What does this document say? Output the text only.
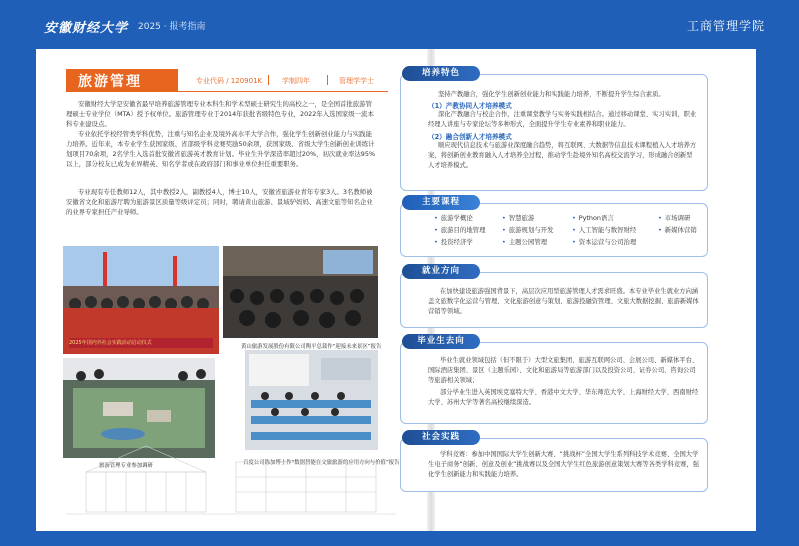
安徽财经大学 2025 · 报考指南	工商管理学院
旅游管理	专业代码 / 120901K	学制四年	管理学学士

安徽财经大学是安徽省最早培养旅游管理专业本科生和学术型硕士研究生的高校之一，是全国首批旅游管理硕士专业学位（MTA）授予权单位。旅游管理专业于2014年获批省级特色专业，2022年入选国家级一流本科专业建设点。

专业依托学校经管类学科优势，注重与知名企业及境外高水平大学合作，强化学生创新创业能力与实践能力培养。近年来，本专业学生获国家级、省部级学科竞赛奖励50余项，获国家级、省级大学生创新创业训练计划项目70余项，2名学生入选首批安徽省旅游英才教育计划。毕业生升学深造率超过20%，初次就业率达95%以上，部分校友已成为业界精英、知名学者或在政府部门和事业单位担任重要职务。

专业现有专任教师12人，其中教授2人，副教授4人，博士10人，安徽省旅游业青年专家3人。3名教师被安徽省文化和旅游厅聘为旅游景区质量等级评定员；同时，聘请黄山旅游、景域驴妈妈、高速文旅等知名企业的业界专家担任产业导师。

2025年国内外社会实践活动启动仪式
黄山旅游发展股份有限公司陶平总裁作“迎接未来景区”报告
旅游管理专业参加调研	百度公司陈加博士作“数据智能在文旅旅游的应用方向与价值”报告
培养特色

坚持产教融合，强化学生创新创业能力和实践能力培养，不断提升学生综合素质。

（1）产教协同人才培养模式

深化产教融合与校企合作，注重课堂教学与实务实践相结合。通过移动课堂、实习实训、职业经理人讲座与专家论坛等多种形式，全面提升学生专业素养和职业能力。

（2）融合创新人才培养模式

顺应现代信息技术与旅游业深度融合趋势，将互联网、大数据等信息技术课程植入人才培养方案，将创新创业教育融入人才培养全过程，推动学生赴境外知名高校交流学习，形成融合创新型人才培养模式。

主要课程
• 旅游学概论
• 旅游目的地管理
• 投资经济学
• 智慧旅游
• 旅游规划与开发
• 主题公园管理
• Python语言
• 人工智能与数智财经
• 资本运营与公司治理
• 市场调研
• 新媒体营销
就业方向

在加快建设旅游强国背景下，高层次应用型旅游管理人才需求旺盛。本专业毕业生就业方向涵盖文旅数字化运营与管理、文化旅游创意与策划、旅游投融资管理、文旅大数据挖掘、旅游新媒体营销等领域。

毕业生去向

毕业生就业领域包括（但不限于）大型文旅集团、旅游互联网公司、会展公司、新媒体平台、国际酒店集团、景区（主题乐园）、文化和旅游局等旅游部门以及投资公司、证券公司、咨询公司等旅游相关领域；

部分毕业生进入英国埃克塞特大学、香港中文大学、华东师范大学、上海财经大学、西南财经大学、苏州大学等著名高校继续深造。

社会实践

学科竞赛：参加中国国际大学生创新大赛、“挑战杯”全国大学生系列科技学术竞赛、全国大学生电子商务“创新、创意及创业”挑战赛以及全国大学生红色旅游创意策划大赛等各类学科竞赛，强化学生创新能力和实践能力培养。
